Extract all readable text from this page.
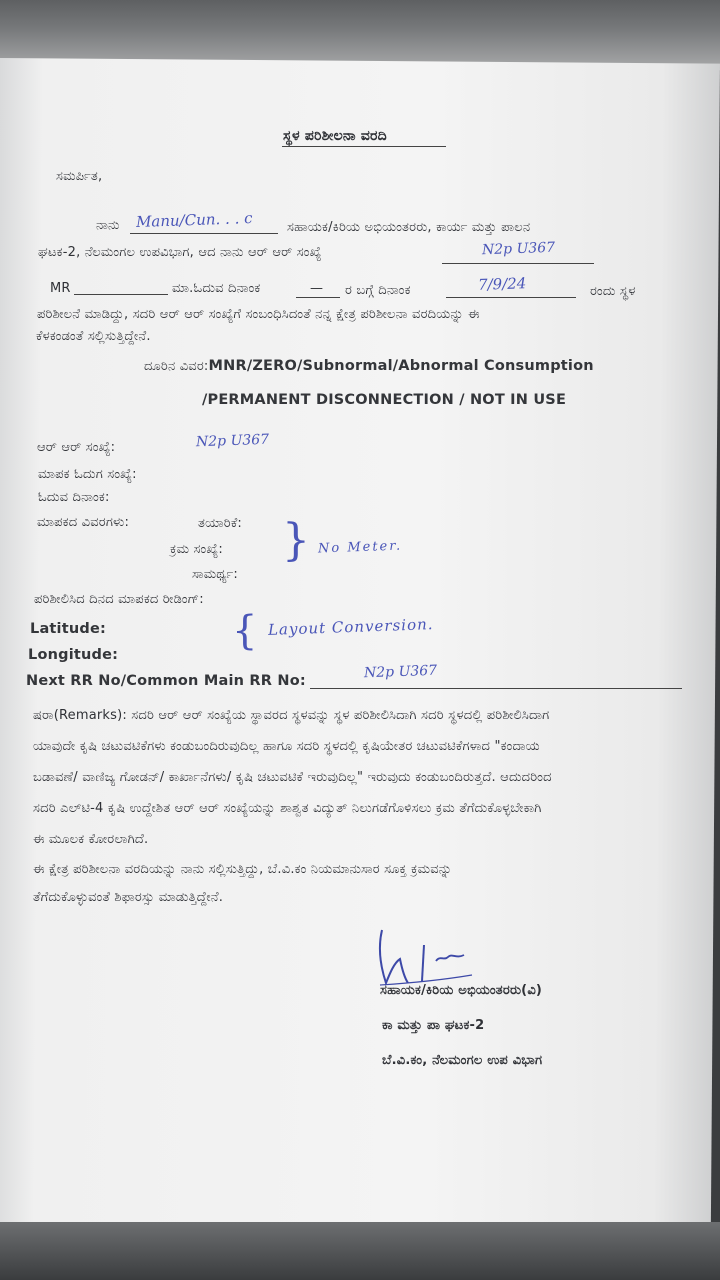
ಸ್ಥಳ ಪರಿಶೀಲನಾ ವರದಿ
ಸಮರ್ಪಿತ,
ನಾನು Manu/Cun. . . c	ಸಹಾಯಕ/ಕಿರಿಯ ಅಭಿಯಂತರರು, ಕಾರ್ಯ ಮತ್ತು ಪಾಲನ
ಘಟಕ-2, ನೆಲಮಂಗಲ ಉಪವಿಭಾಗ, ಆದ ನಾನು ಆರ್ ಆರ್ ಸಂಖ್ಯೆ	N2p U367
MR	ಮಾ.ಓದುವ ದಿನಾಂಕ	— ರ ಬಗ್ಗೆ ದಿನಾಂಕ	7/9/24	ರಂದು ಸ್ಥಳ
ಪರಿಶೀಲನೆ ಮಾಡಿದ್ದು, ಸದರಿ ಆರ್ ಆರ್ ಸಂಖ್ಯೆಗೆ ಸಂಬಂಧಿಸಿದಂತೆ ನನ್ನ ಕ್ಷೇತ್ರ ಪರಿಶೀಲನಾ ವರದಿಯನ್ನು ಈ
ಕೆಳಕಂಡಂತೆ ಸಲ್ಲಿಸುತ್ತಿದ್ದೇನೆ.
ದೂರಿನ ವಿವರ:MNR/ZERO/Subnormal/Abnormal Consumption
/PERMANENT DISCONNECTION / NOT IN USE
ಆರ್ ಆರ್ ಸಂಖ್ಯೆ:	N2p U367
ಮಾಪಕ ಓದುಗ ಸಂಖ್ಯೆ:
ಓದುವ ದಿನಾಂಕ:
ಮಾಪಕದ ವಿವರಗಳು:	ತಯಾರಿಕೆ:
ಕ್ರಮ ಸಂಖ್ಯೆ:
ಸಾಮರ್ಥ್ಯ:
} No Meter.
ಪರಿಶೀಲಿಸಿದ ದಿನದ ಮಾಪಕದ ರೀಡಿಂಗ್:
Latitude:
Longitude:
{ Layout Conversion.
Next RR No/Common Main RR No:	N2p U367
ಷರಾ(Remarks): ಸದರಿ ಆರ್ ಆರ್ ಸಂಖ್ಯೆಯ ಸ್ಥಾವರದ ಸ್ಥಳವನ್ನು ಸ್ಥಳ ಪರಿಶೀಲಿಸಿದಾಗಿ ಸದರಿ ಸ್ಥಳದಲ್ಲಿ ಪರಿಶೀಲಿಸಿದಾಗ
ಯಾವುದೇ ಕೃಷಿ ಚಟುವಟಿಕೆಗಳು ಕಂಡುಬಂದಿರುವುದಿಲ್ಲ ಹಾಗೂ ಸದರಿ ಸ್ಥಳದಲ್ಲಿ ಕೃಷಿಯೇತರ ಚಟುವಟಿಕೆಗಳಾದ "ಕಂದಾಯ
ಬಡಾವಣೆ/ ವಾಣಿಜ್ಯ ಗೋಡನ್/ ಕಾರ್ಖಾನೆಗಳು/ ಕೃಷಿ ಚಟುವಟಿಕೆ ಇರುವುದಿಲ್ಲ" ಇರುವುದು ಕಂಡುಬಂದಿರುತ್ತದೆ. ಆದುದರಿಂದ
ಸದರಿ ಎಲ್‌ಟಿ-4 ಕೃಷಿ ಉದ್ದೇಶಿತ ಆರ್ ಆರ್ ಸಂಖ್ಯೆಯನ್ನು ಶಾಶ್ವತ ವಿದ್ಯುತ್ ನಿಲುಗಡೆಗೊಳಿಸಲು ಕ್ರಮ ತೆಗೆದುಕೊಳ್ಳಬೇಕಾಗಿ
ಈ ಮೂಲಕ ಕೋರಲಾಗಿದೆ.
ಈ ಕ್ಷೇತ್ರ ಪರಿಶೀಲನಾ ವರದಿಯನ್ನು ನಾನು ಸಲ್ಲಿಸುತ್ತಿದ್ದು, ಬೆ.ವಿ.ಕಂ ನಿಯಮಾನುಸಾರ ಸೂಕ್ತ ಕ್ರಮವನ್ನು
ತೆಗೆದುಕೊಳ್ಳುವಂತೆ ಶಿಫಾರಸ್ಸು ಮಾಡುತ್ತಿದ್ದೇನೆ.
ಸಹಾಯಕ/ಕಿರಿಯ ಅಭಿಯಂತರರು(ವಿ)
ಕಾ ಮತ್ತು ಪಾ ಘಟಕ-2
ಬೆ.ವಿ.ಕಂ, ನೆಲಮಂಗಲ ಉಪ ವಿಭಾಗ
